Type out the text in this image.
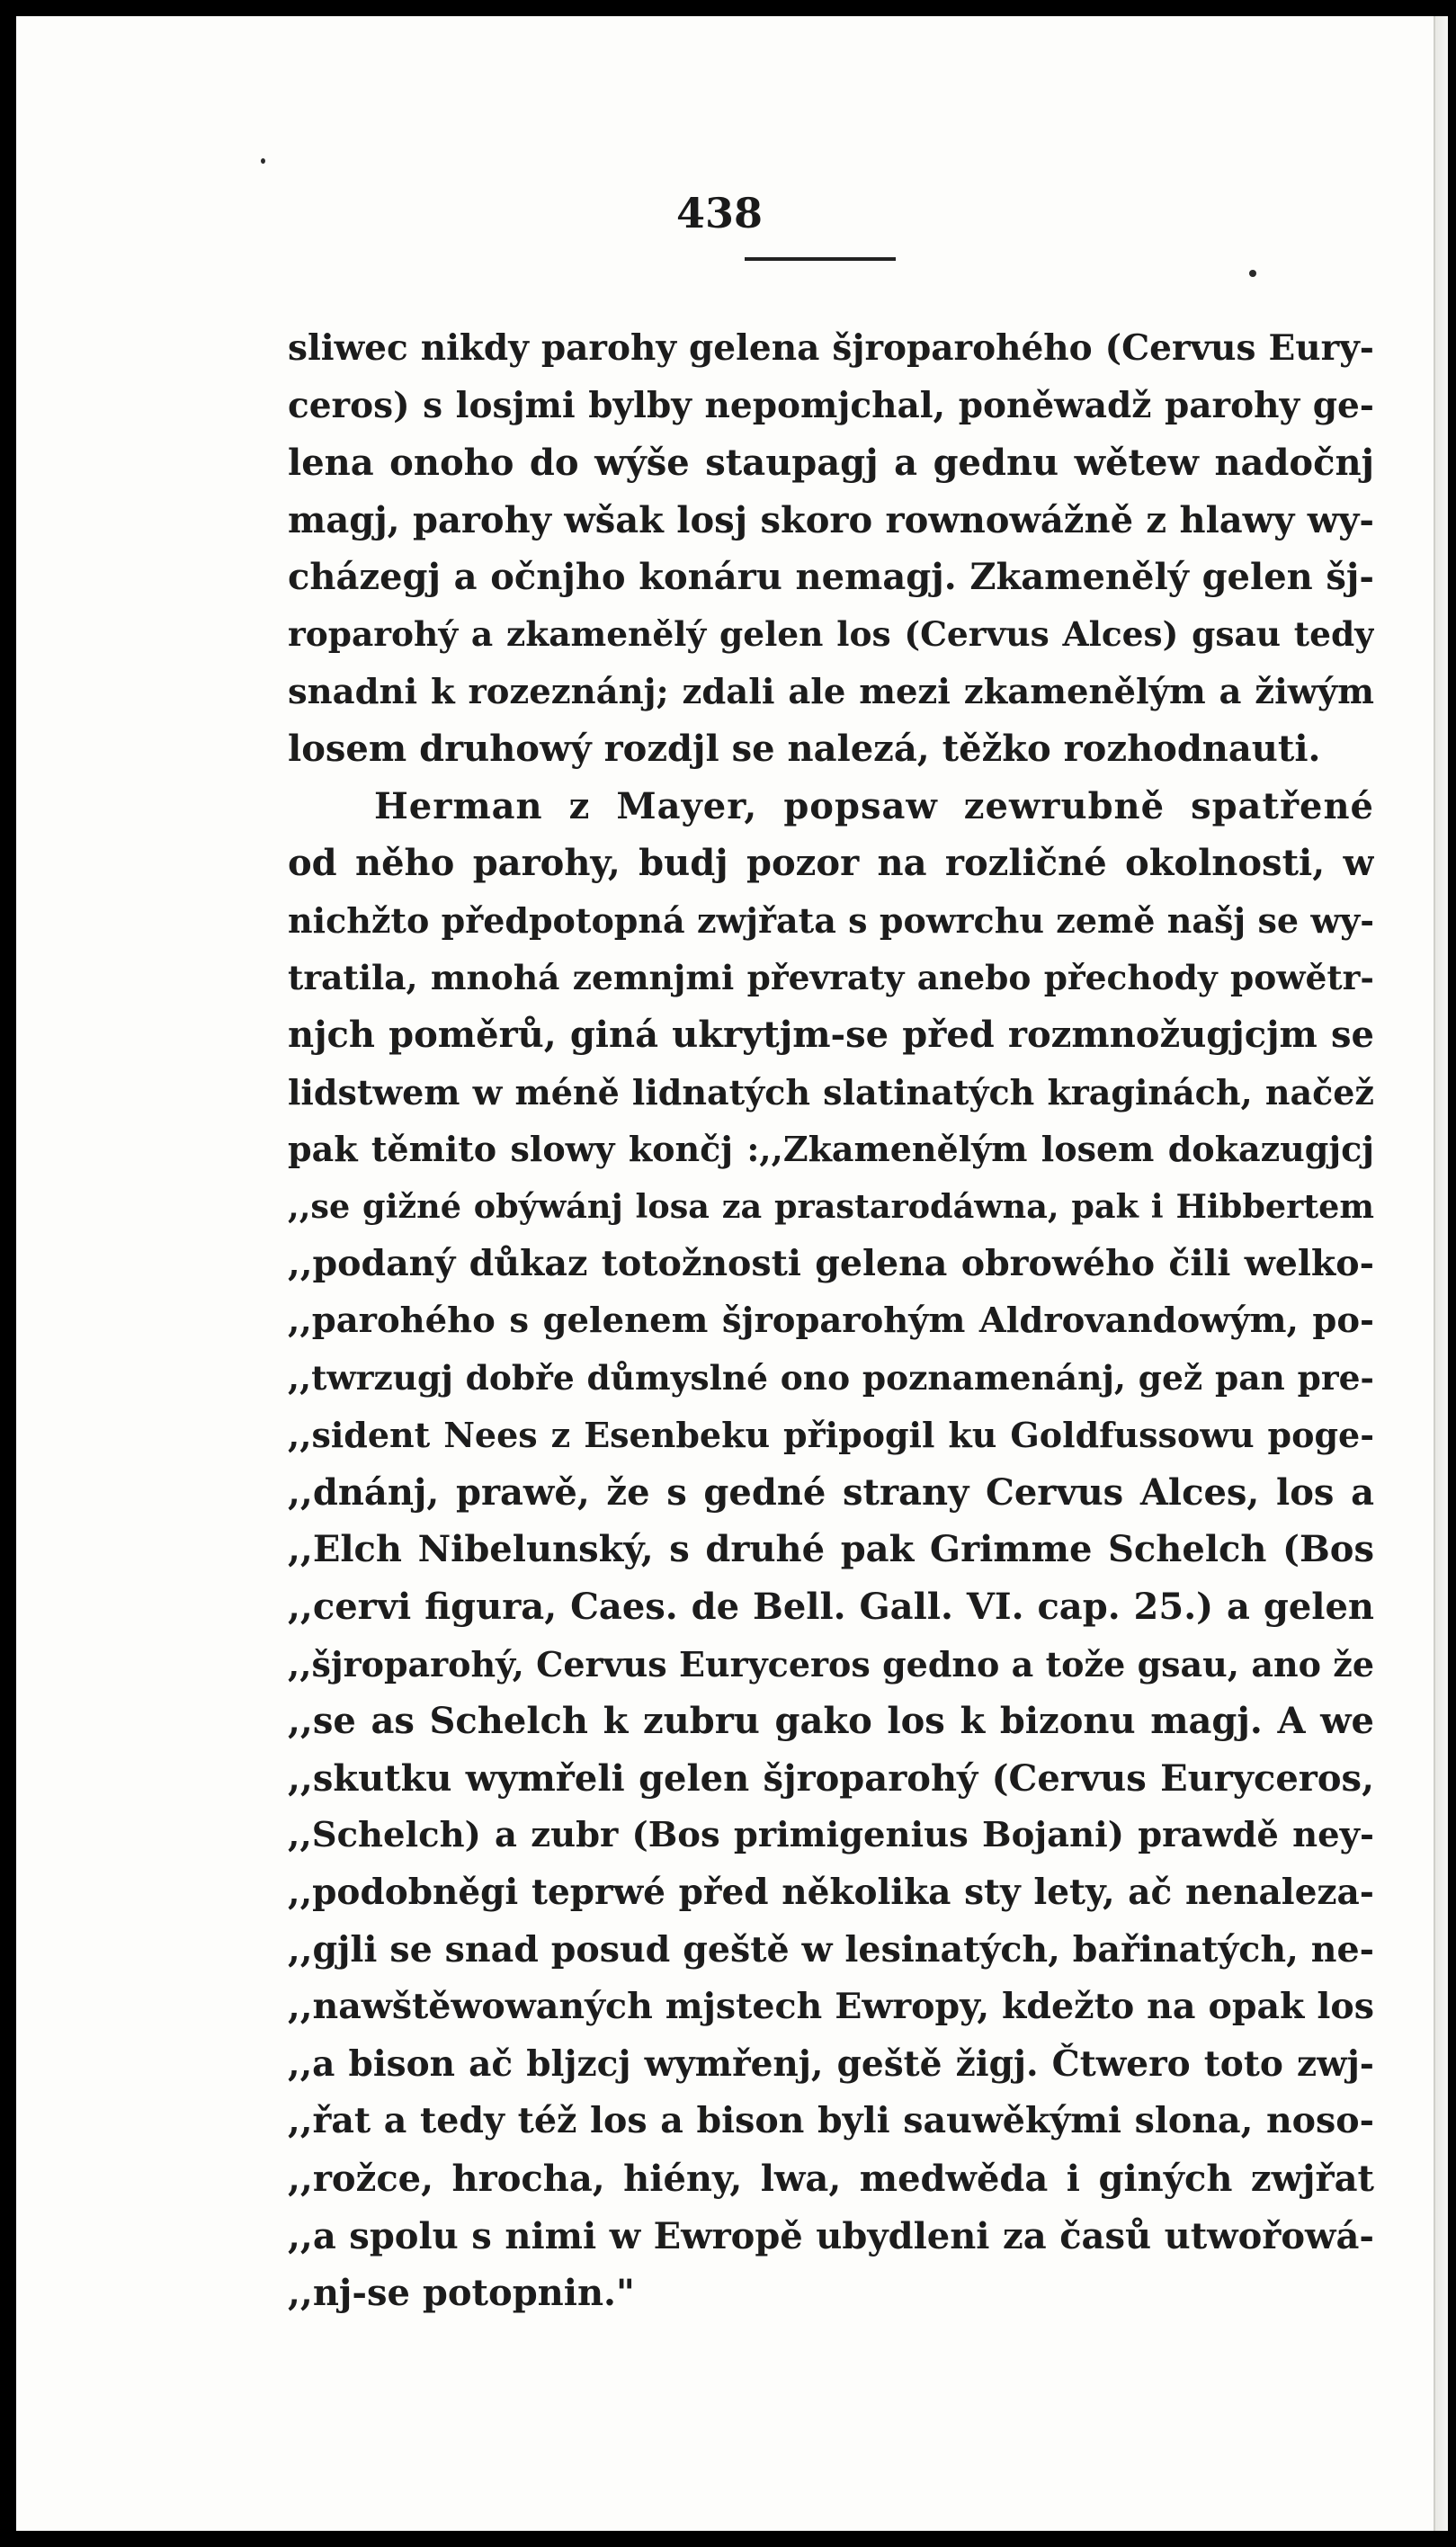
438
sliwec nikdy parohy gelena šjroparohého (Cervus Eury-
ceros) s losjmi bylby nepomjchal, poněwadž parohy ge-
lena onoho do wýše staupagj a gednu wětew nadočnj
magj, parohy wšak losj skoro rownowážně z hlawy wy-
cházegj a očnjho konáru nemagj. Zkamenělý gelen šj-
roparohý a zkamenělý gelen los (Cervus Alces) gsau tedy
snadni k rozeznánj; zdali ale mezi zkamenělým a žiwým
losem druhowý rozdjl se nalezá, těžko rozhodnauti.
Herman z Mayer, popsaw zewrubně spatřené
od něho parohy, budj pozor na rozličné okolnosti, w
nichžto předpotopná zwjřata s powrchu země našj se wy-
tratila, mnohá zemnjmi převraty anebo přechody powětr-
njch poměrů, giná ukrytjm-se před rozmnožugjcjm se
lidstwem w méně lidnatých slatinatých kraginách, načež
pak těmito slowy končj :,,Zkamenělým losem dokazugjcj
,,se gižné obýwánj losa za prastarodáwna, pak i Hibbertem
,,podaný důkaz totožnosti gelena obrowého čili welko-
,,parohého s gelenem šjroparohým Aldrovandowým, po-
,,twrzugj dobře důmyslné ono poznamenánj, gež pan pre-
,,sident Nees z Esenbeku připogil ku Goldfussowu poge-
,,dnánj, prawě, že s gedné strany Cervus Alces, los a
,,Elch Nibelunský, s druhé pak Grimme Schelch (Bos
,,cervi figura, Caes. de Bell. Gall. VI. cap. 25.) a gelen
,,šjroparohý, Cervus Euryceros gedno a tože gsau, ano že
,,se as Schelch k zubru gako los k bizonu magj. A we
,,skutku wymřeli gelen šjroparohý (Cervus Euryceros,
,,Schelch) a zubr (Bos primigenius Bojani) prawdě ney-
,,podobněgi teprwé před několika sty lety, ač nenaleza-
,,gjli se snad posud geště w lesinatých, bařinatých, ne-
,,nawštěwowaných mjstech Ewropy, kdežto na opak los
,,a bison ač bljzcj wymřenj, geště žigj. Čtwero toto zwj-
,,řat a tedy též los a bison byli sauwěkými slona, noso-
,,rožce, hrocha, hiény, lwa, medwěda i giných zwjřat
,,a spolu s nimi w Ewropě ubydleni za časů utwořowá-
,,nj-se potopnin."
